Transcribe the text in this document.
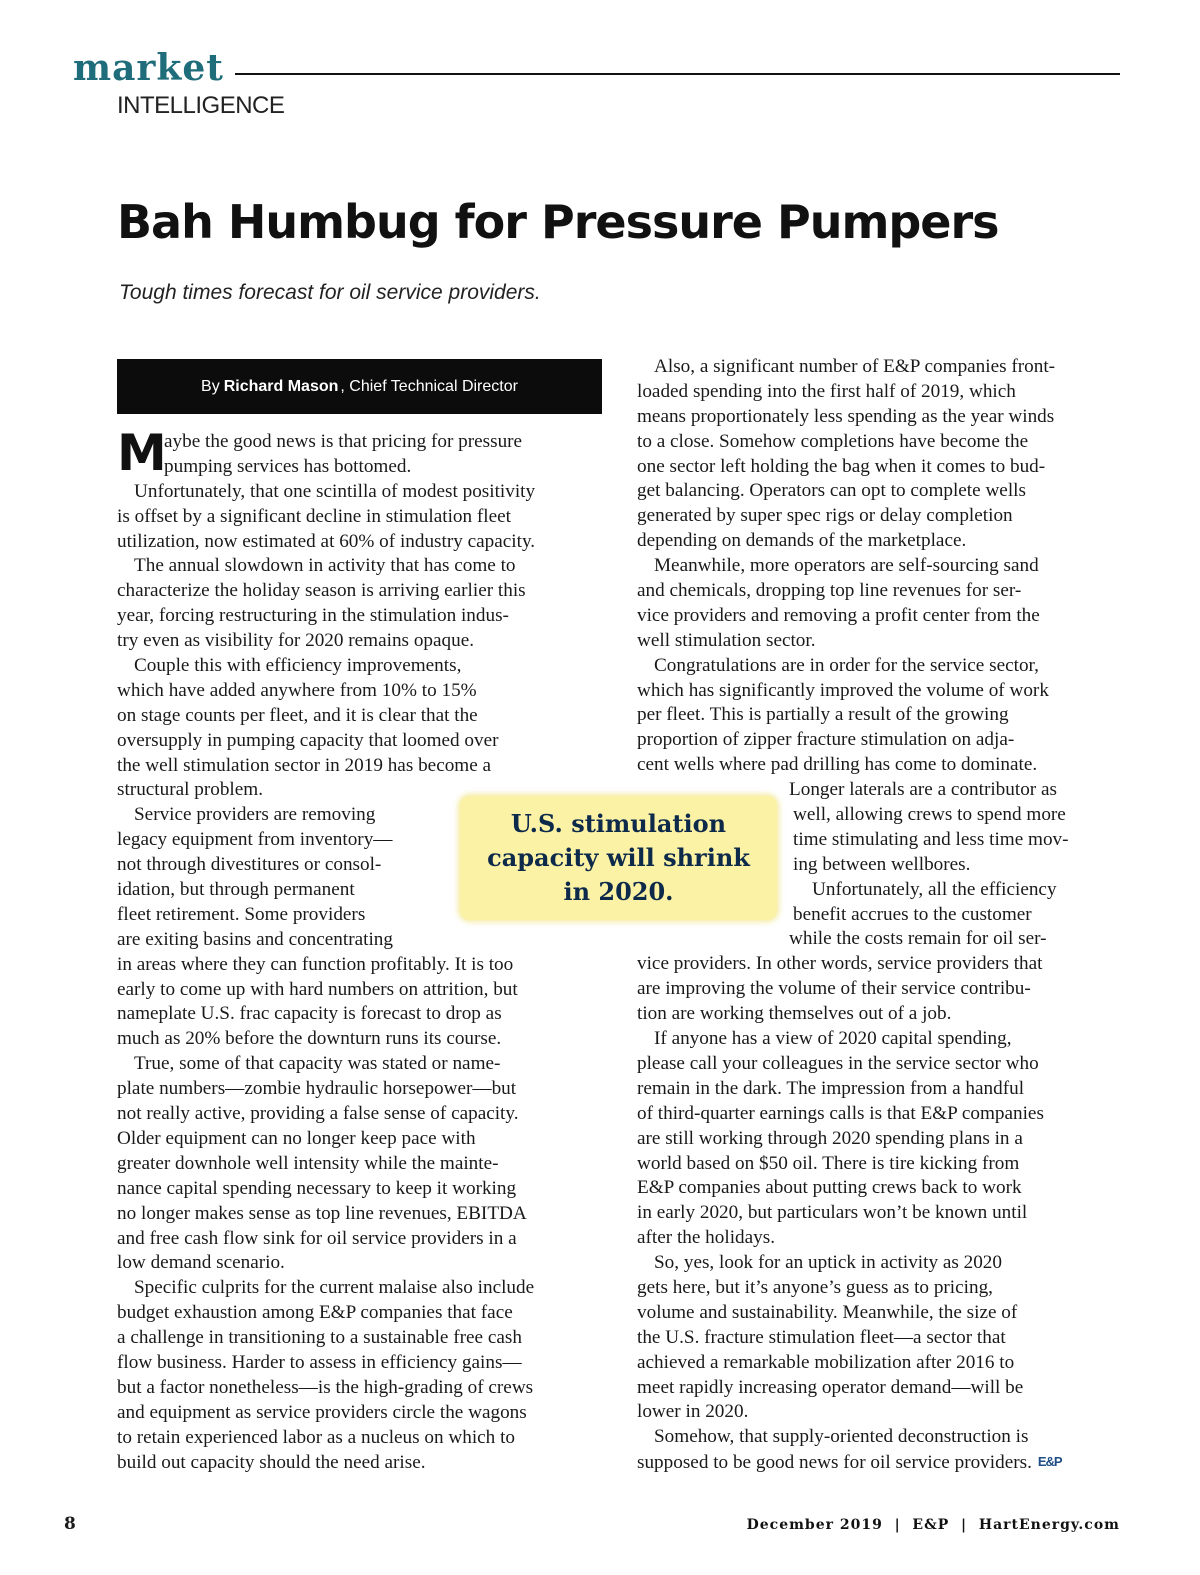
market
INTELLIGENCE
Bah Humbug for Pressure Pumpers
Tough times forecast for oil service providers.
By Richard Mason , Chief Technical Director
M
aybe the good news is that pricing for pressure
pumping services has bottomed.
Unfortunately, that one scintilla of modest positivity
is offset by a significant decline in stimulation fleet
utilization, now estimated at 60% of industry capacity.
The annual slowdown in activity that has come to
characterize the holiday season is arriving earlier this
year, forcing restructuring in the stimulation indus-
try even as visibility for 2020 remains opaque.
Couple this with efficiency improvements,
which have added anywhere from 10% to 15%
on stage counts per fleet, and it is clear that the
oversupply in pumping capacity that loomed over
the well stimulation sector in 2019 has become a
structural problem.
Service providers are removing
legacy equipment from inventory—
not through divestitures or consol-
idation, but through permanent
fleet retirement. Some providers
are exiting basins and concentrating
in areas where they can function profitably. It is too
early to come up with hard numbers on attrition, but
nameplate U.S. frac capacity is forecast to drop as
much as 20% before the downturn runs its course.
True, some of that capacity was stated or name-
plate numbers—zombie hydraulic horsepower—but
not really active, providing a false sense of capacity.
Older equipment can no longer keep pace with
greater downhole well intensity while the mainte-
nance capital spending necessary to keep it working
no longer makes sense as top line revenues, EBITDA
and free cash flow sink for oil service providers in a
low demand scenario.
Specific culprits for the current malaise also include
budget exhaustion among E&P companies that face
a challenge in transitioning to a sustainable free cash
flow business. Harder to assess in efficiency gains—
but a factor nonetheless—is the high-grading of crews
and equipment as service providers circle the wagons
to retain experienced labor as a nucleus on which to
build out capacity should the need arise.
Also, a significant number of E&P companies front-
loaded spending into the first half of 2019, which
means proportionately less spending as the year winds
to a close. Somehow completions have become the
one sector left holding the bag when it comes to bud-
get balancing. Operators can opt to complete wells
generated by super spec rigs or delay completion
depending on demands of the marketplace.
Meanwhile, more operators are self-sourcing sand
and chemicals, dropping top line revenues for ser-
vice providers and removing a profit center from the
well stimulation sector.
Congratulations are in order for the service sector,
which has significantly improved the volume of work
per fleet. This is partially a result of the growing
proportion of zipper fracture stimulation on adja-
cent wells where pad drilling has come to dominate.
Longer laterals are a contributor as
well, allowing crews to spend more
time stimulating and less time mov-
ing between wellbores.
Unfortunately, all the efficiency
benefit accrues to the customer
while the costs remain for oil ser-
vice providers. In other words, service providers that
are improving the volume of their service contribu-
tion are working themselves out of a job.
If anyone has a view of 2020 capital spending,
please call your colleagues in the service sector who
remain in the dark. The impression from a handful
of third-quarter earnings calls is that E&P companies
are still working through 2020 spending plans in a
world based on $50 oil. There is tire kicking from
E&P companies about putting crews back to work
in early 2020, but particulars won’t be known until
after the holidays.
So, yes, look for an uptick in activity as 2020
gets here, but it’s anyone’s guess as to pricing,
volume and sustainability. Meanwhile, the size of
the U.S. fracture stimulation fleet—a sector that
achieved a remarkable mobilization after 2016 to
meet rapidly increasing operator demand—will be
lower in 2020.
Somehow, that supply-oriented deconstruction is
supposed to be good news for oil service providers. E&P
U.S. stimulation
capacity will shrink
in 2020.
8	December 2019  |  E&P  |  HartEnergy.com
